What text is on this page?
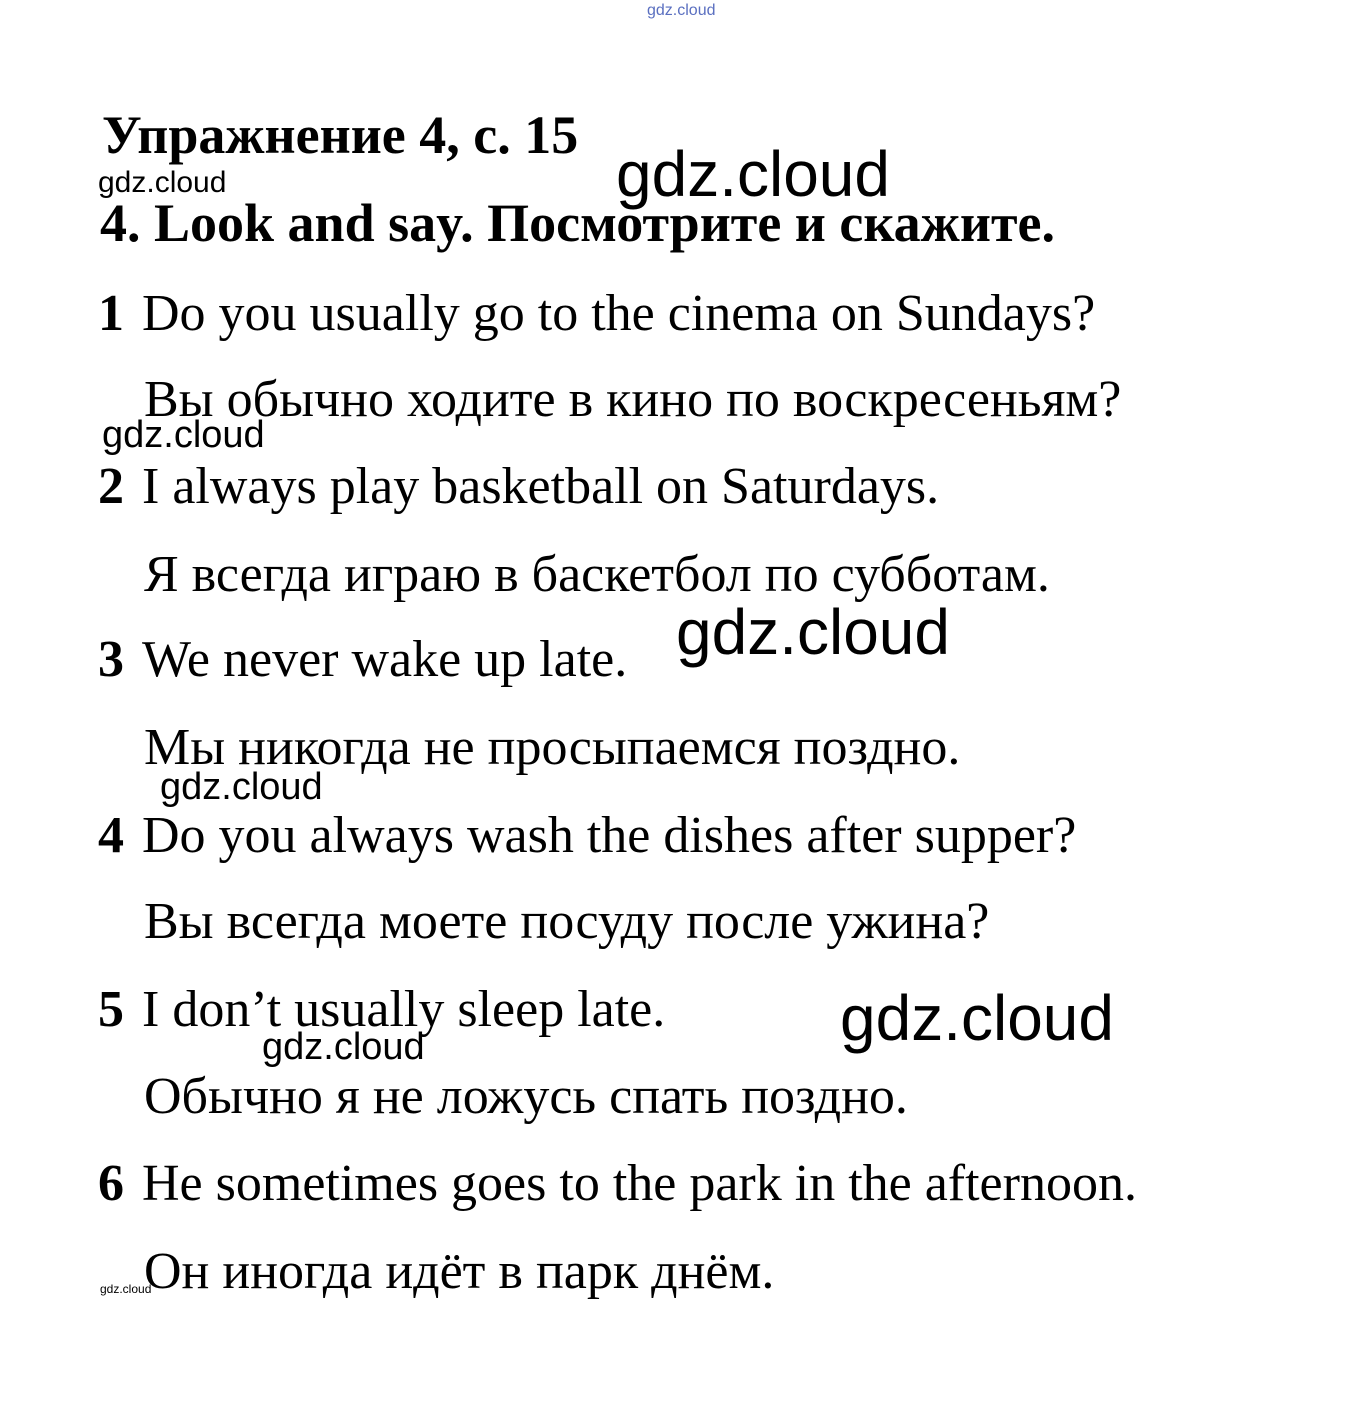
gdz.cloud
Упражнение 4, с. 15
4. Look and say. Посмотрите и скажите.
1 Do you usually go to the cinema on Sundays?
Вы обычно ходите в кино по воскресеньям?
2 I always play basketball on Saturdays.
Я всегда играю в баскетбол по субботам.
3 We never wake up late.
Мы никогда не просыпаемся поздно.
4 Do you always wash the dishes after supper?
Вы всегда моете посуду после ужина?
5 I don’t usually sleep late.
Обычно я не ложусь спать поздно.
6 He sometimes goes to the park in the afternoon.
Он иногда идёт в парк днём.
gdz.cloud	gdz.cloud
gdz.cloud
gdz.cloud
gdz.cloud
gdz.cloud
gdz.cloud
gdz.cloud
